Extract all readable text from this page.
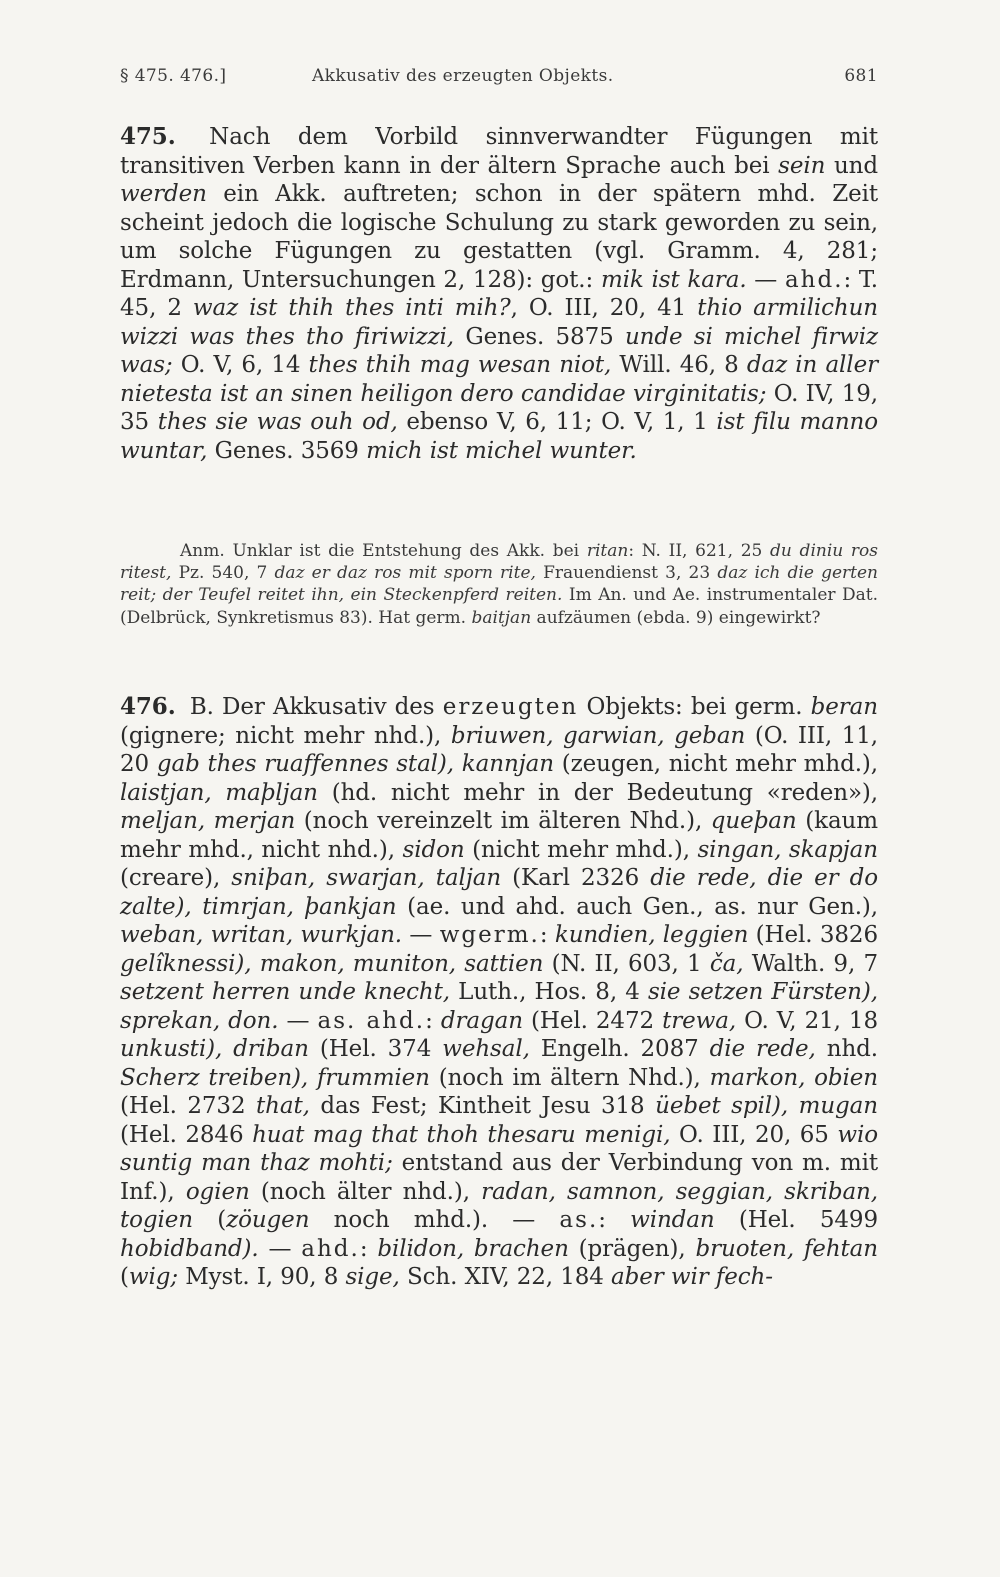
§ 475. 476.]	Akkusativ des erzeugten Objekts.	681
475. Nach dem Vorbild sinnverwandter Fügungen mit transitiven Verben kann in der ältern Sprache auch bei sein und werden ein Akk. auftreten; schon in der spätern mhd. Zeit scheint jedoch die logische Schulung zu stark geworden zu sein, um solche Fügungen zu gestatten (vgl. Gramm. 4, 281; Erdmann, Untersuchungen 2, 128): got.: mik ist kara. — ahd.: T. 45, 2 waz ist thih thes inti mih?, O. III, 20, 41 thio armilichun wizzi was thes tho firiwizzi, Genes. 5875 unde si michel firwiz was; O. V, 6, 14 thes thih mag wesan niot, Will. 46, 8 daz in aller nietesta ist an sinen heiligon dero candidae virginitatis; O. IV, 19, 35 thes sie was ouh od, ebenso V, 6, 11; O. V, 1, 1 ist filu manno wuntar, Genes. 3569 mich ist michel wunter.
Anm. Unklar ist die Entstehung des Akk. bei ritan: N. II, 621, 25 du diniu ros ritest, Pz. 540, 7 daz er daz ros mit sporn rite, Frauendienst 3, 23 daz ich die gerten reit; der Teufel reitet ihn, ein Steckenpferd reiten. Im An. und Ae. instrumentaler Dat. (Delbrück, Synkretismus 83). Hat germ. baitjan aufzäumen (ebda. 9) eingewirkt?
476. B. Der Akkusativ des erzeugten Objekts: bei germ. beran (gignere; nicht mehr nhd.), briuwen, garwian, geban (O. III, 11, 20 gab thes ruaffennes stal), kannjan (zeugen, nicht mehr mhd.), laistjan, maþljan (hd. nicht mehr in der Bedeutung «reden»), meljan, merjan (noch vereinzelt im älteren Nhd.), queþan (kaum mehr mhd., nicht nhd.), sidon (nicht mehr mhd.), singan, skapjan (creare), sniþan, swarjan, taljan (Karl 2326 die rede, die er do zalte), timrjan, þankjan (ae. und ahd. auch Gen., as. nur Gen.), weban, writan, wurkjan. — wgerm.: kundien, leggien (Hel. 3826 gelîknessi), makon, muniton, sattien (N. II, 603, 1 ča, Walth. 9, 7 setzent herren unde knecht, Luth., Hos. 8, 4 sie setzen Fürsten), sprekan, don. — as. ahd.: dragan (Hel. 2472 trewa, O. V, 21, 18 unkusti), driban (Hel. 374 wehsal, Engelh. 2087 die rede, nhd. Scherz treiben), frummien (noch im ältern Nhd.), markon, obien (Hel. 2732 that, das Fest; Kintheit Jesu 318 üebet spil), mugan (Hel. 2846 huat mag that thoh thesaru menigi, O. III, 20, 65 wio suntig man thaz mohti; entstand aus der Verbindung von m. mit Inf.), ogien (noch älter nhd.), radan, samnon, seggian, skriban, togien (zöugen noch mhd.). — as.: windan (Hel. 5499 hobidband). — ahd.: bilidon, brachen (prägen), bruoten, fehtan (wig; Myst. I, 90, 8 sige, Sch. XIV, 22, 184 aber wir fech-
